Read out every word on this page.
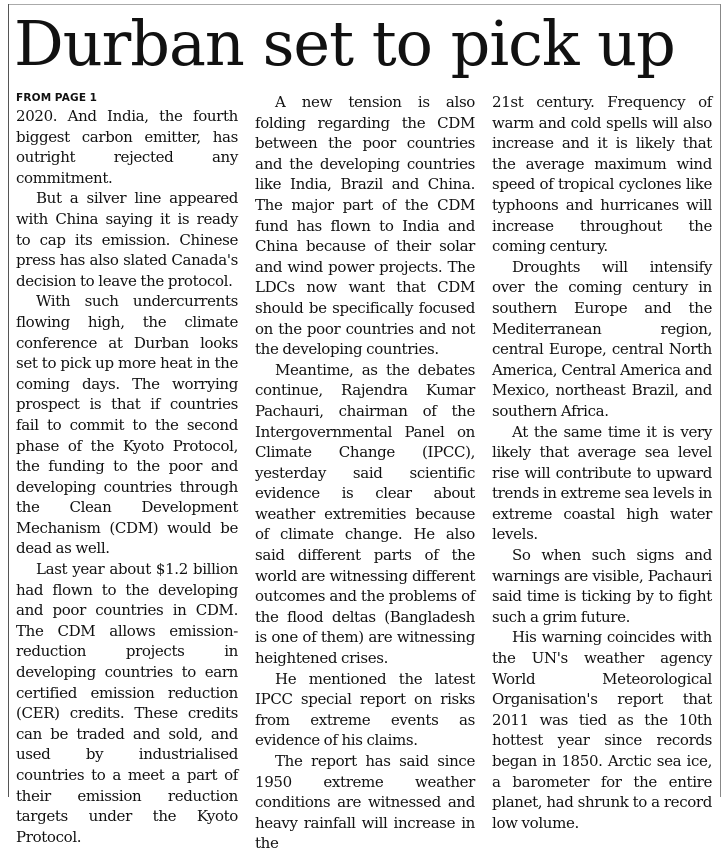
Durban set to pick up
FROM PAGE 1

2020. And India, the fourth biggest carbon emitter, has outright rejected any commitment.

But a silver line appeared with China saying it is ready to cap its emission. Chinese press has also slated Canada's decision to leave the protocol.

With such undercurrents flowing high, the climate conference at Durban looks set to pick up more heat in the coming days. The worrying prospect is that if countries fail to commit to the second phase of the Kyoto Protocol, the funding to the poor and developing countries through the Clean Development Mechanism (CDM) would be dead as well.

Last year about $1.2 billion had flown to the developing and poor countries in CDM. The CDM allows emission-reduction projects in developing countries to earn certified emission reduction (CER) credits. These credits can be traded and sold, and used by industrialised countries to a meet a part of their emission reduction targets under the Kyoto Protocol.

A new tension is also folding regarding the CDM between the poor countries and the developing countries like India, Brazil and China. The major part of the CDM fund has flown to India and China because of their solar and wind power projects. The LDCs now want that CDM should be specifically focused on the poor countries and not the developing countries.

Meantime, as the debates continue, Rajendra Kumar Pachauri, chairman of the Intergovernmental Panel on Climate Change (IPCC), yesterday said scientific evidence is clear about weather extremities because of climate change. He also said different parts of the world are witnessing different outcomes and the problems of the flood deltas (Bangladesh is one of them) are witnessing heightened crises.

He mentioned the latest IPCC special report on risks from extreme events as evidence of his claims.

The report has said since 1950 extreme weather conditions are witnessed and heavy rainfall will increase in the

21st century. Frequency of warm and cold spells will also increase and it is likely that the average maximum wind speed of tropical cyclones like typhoons and hurricanes will increase throughout the coming century.

Droughts will intensify over the coming century in southern Europe and the Mediterranean region, central Europe, central North America, Central America and Mexico, northeast Brazil, and southern Africa.

At the same time it is very likely that average sea level rise will contribute to upward trends in extreme sea levels in extreme coastal high water levels.

So when such signs and warnings are visible, Pachauri said time is ticking by to fight such a grim future.

His warning coincides with the UN's weather agency World Meteorological Organisation's report that 2011 was tied as the 10th hottest year since records began in 1850. Arctic sea ice, a barometer for the entire planet, had shrunk to a record low volume.
